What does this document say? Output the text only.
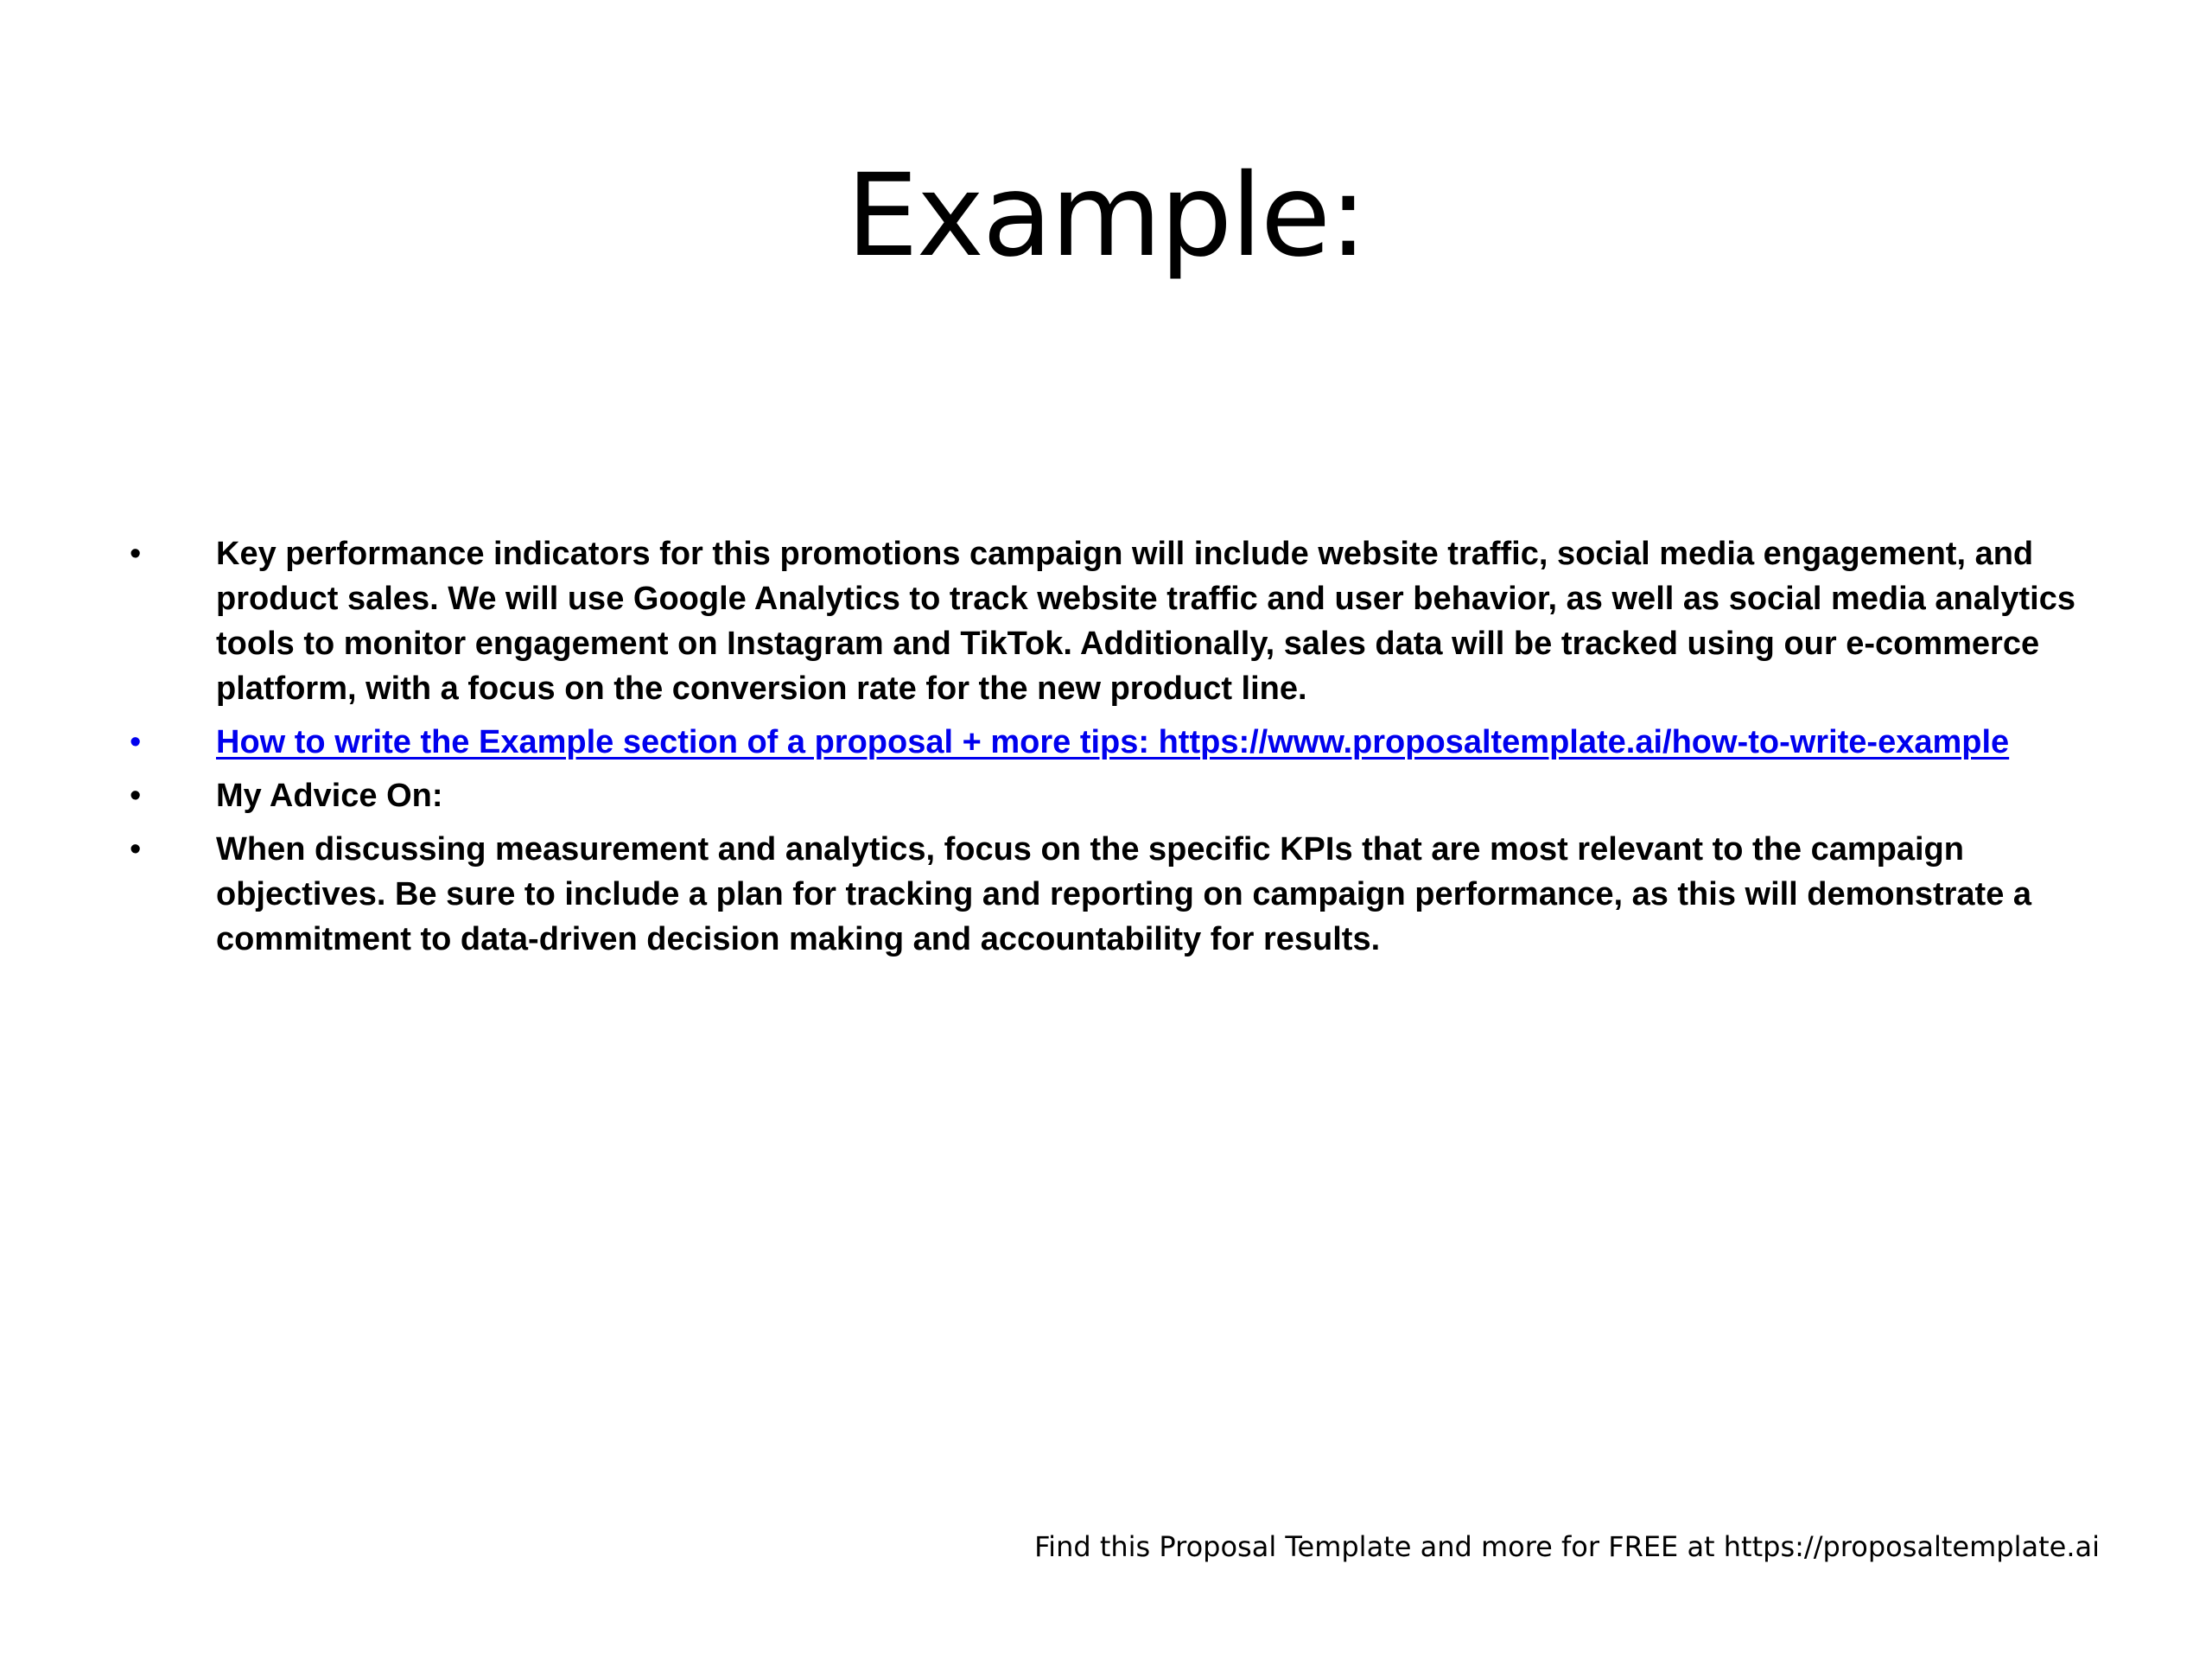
Example:
•	Key performance indicators for this promotions campaign will include website traffic, social media engagement, and product sales. We will use Google Analytics to track website traffic and user behavior, as well as social media analytics tools to monitor engagement on Instagram and TikTok. Additionally, sales data will be tracked using our e-commerce platform, with a focus on the conversion rate for the new product line.
•	How to write the Example section of a proposal + more tips: https://www.proposaltemplate.ai/how-to-write-example
•	My Advice On:
•	When discussing measurement and analytics, focus on the specific KPIs that are most relevant to the campaign objectives. Be sure to include a plan for tracking and reporting on campaign performance, as this will demonstrate a commitment to data-driven decision making and accountability for results.
Find this Proposal Template and more for FREE at https://proposaltemplate.ai
